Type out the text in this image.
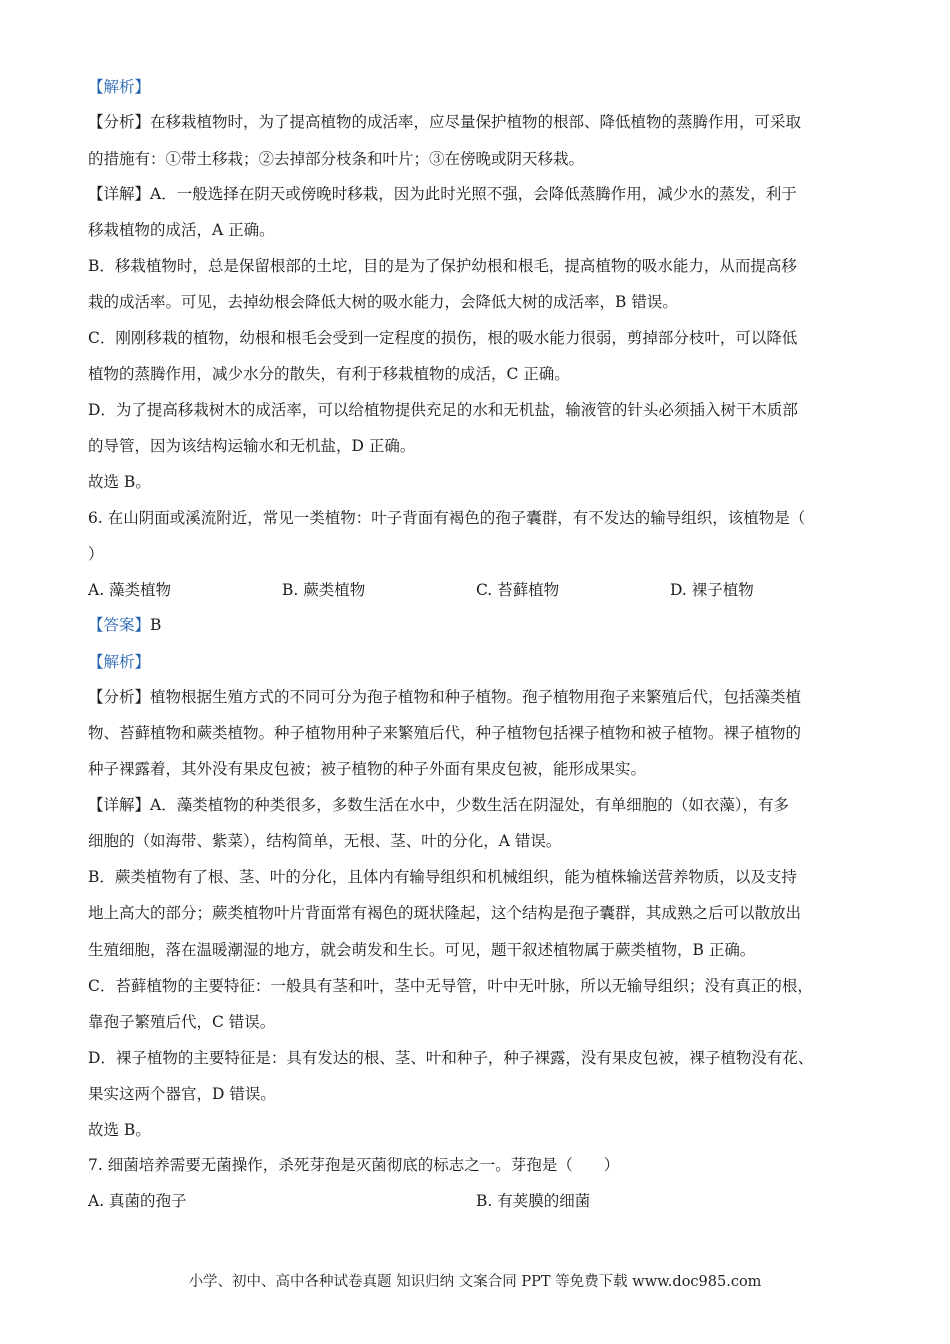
【解析】
【分析】在移栽植物时，为了提高植物的成活率，应尽量保护植物的根部、降低植物的蒸腾作用，可采取
的措施有：①带土移栽；②去掉部分枝条和叶片；③在傍晚或阴天移栽。
【详解】A．一般选择在阴天或傍晚时移栽，因为此时光照不强，会降低蒸腾作用，减少水的蒸发，利于
移栽植物的成活，A 正确。
B．移栽植物时，总是保留根部的土坨，目的是为了保护幼根和根毛，提高植物的吸水能力，从而提高移
栽的成活率。可见，去掉幼根会降低大树的吸水能力，会降低大树的成活率，B 错误。
C．刚刚移栽的植物，幼根和根毛会受到一定程度的损伤，根的吸水能力很弱，剪掉部分枝叶，可以降低
植物的蒸腾作用，减少水分的散失，有利于移栽植物的成活，C 正确。
D．为了提高移栽树木的成活率，可以给植物提供充足的水和无机盐，输液管的针头必须插入树干木质部
的导管，因为该结构运输水和无机盐，D 正确。
故选 B。
6. 在山阴面或溪流附近，常见一类植物：叶子背面有褐色的孢子囊群，有不发达的输导组织，该植物是（
）
A. 藻类植物	B. 蕨类植物	C. 苔藓植物	D. 裸子植物
【答案】B
【解析】
【分析】植物根据生殖方式的不同可分为孢子植物和种子植物。孢子植物用孢子来繁殖后代，包括藻类植
物、苔藓植物和蕨类植物。种子植物用种子来繁殖后代，种子植物包括裸子植物和被子植物。裸子植物的
种子裸露着，其外没有果皮包被；被子植物的种子外面有果皮包被，能形成果实。
【详解】A．藻类植物的种类很多，多数生活在水中，少数生活在阴湿处，有单细胞的（如衣藻），有多
细胞的（如海带、紫菜），结构简单，无根、茎、叶的分化，A 错误。
B．蕨类植物有了根、茎、叶的分化，且体内有输导组织和机械组织，能为植株输送营养物质，以及支持
地上高大的部分；蕨类植物叶片背面常有褐色的斑状隆起，这个结构是孢子囊群，其成熟之后可以散放出
生殖细胞，落在温暖潮湿的地方，就会萌发和生长。可见，题干叙述植物属于蕨类植物，B 正确。
C．苔藓植物的主要特征：一般具有茎和叶，茎中无导管，叶中无叶脉，所以无输导组织；没有真正的根，
靠孢子繁殖后代，C 错误。
D．裸子植物的主要特征是：具有发达的根、茎、叶和种子，种子裸露，没有果皮包被，裸子植物没有花、
果实这两个器官，D 错误。
故选 B。
7. 细菌培养需要无菌操作，杀死芽孢是灭菌彻底的标志之一。芽孢是（　　）
A. 真菌的孢子	B. 有荚膜的细菌
小学、初中、高中各种试卷真题 知识归纳 文案合同 PPT 等免费下载 www.doc985.com
